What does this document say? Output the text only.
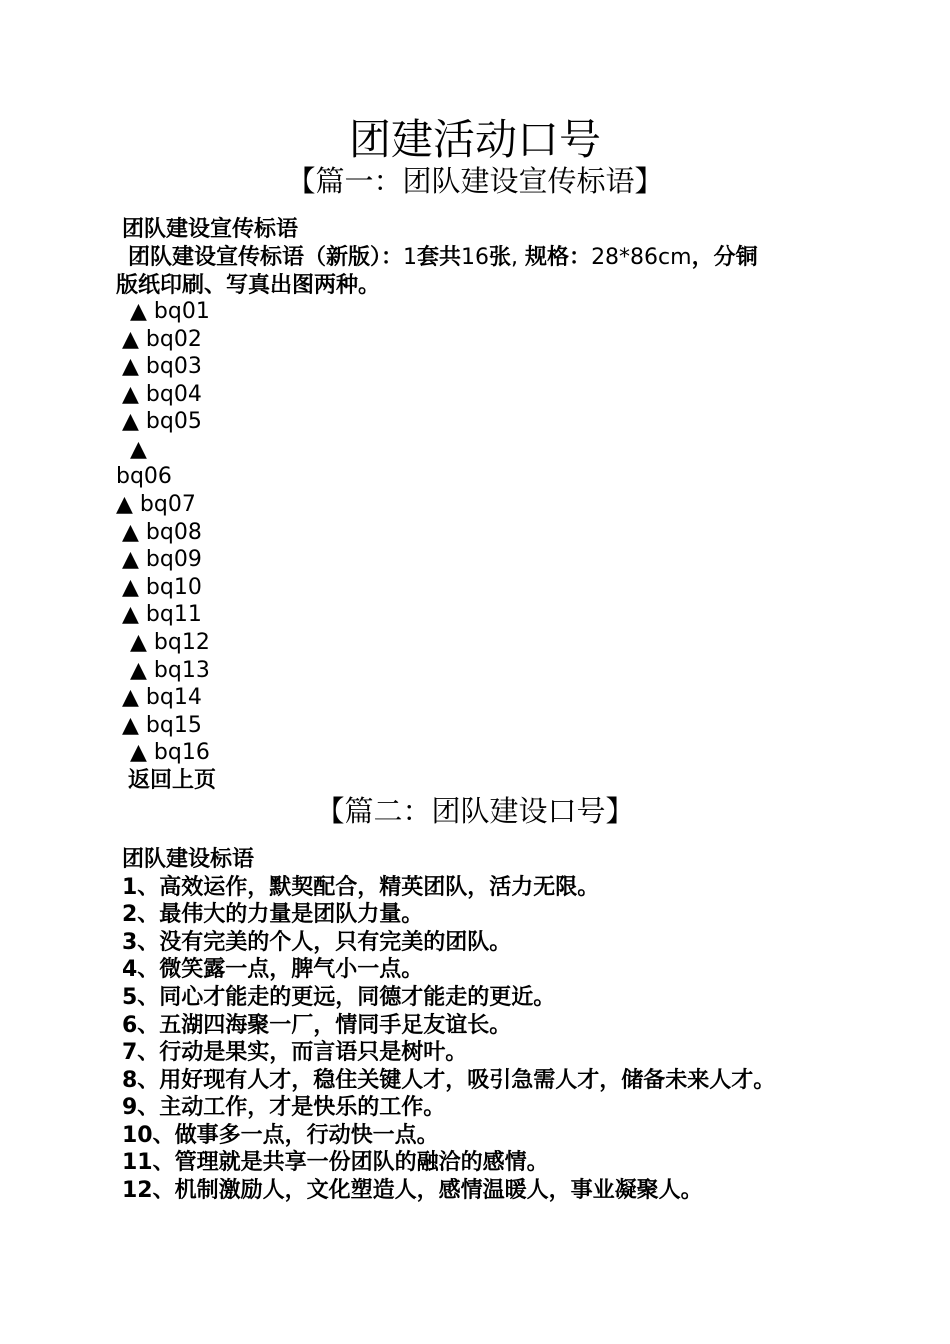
团建活动口号
【篇一：团队建设宣传标语】
团队建设宣传标语
团队建设宣传标语（新版）：1套共16张, 规格：28*86cm，分铜
版纸印刷、写真出图两种。
▲ bq01
▲ bq02
▲ bq03
▲ bq04
▲ bq05
▲
bq06
▲ bq07
▲ bq08
▲ bq09
▲ bq10
▲ bq11
▲ bq12
▲ bq13
▲ bq14
▲ bq15
▲ bq16
返回上页
【篇二：团队建设口号】
团队建设标语
1、高效运作，默契配合，精英团队，活力无限。
2、最伟大的力量是团队力量。
3、没有完美的个人，只有完美的团队。
4、微笑露一点，脾气小一点。
5、同心才能走的更远，同德才能走的更近。
6、五湖四海聚一厂，情同手足友谊长。
7、行动是果实，而言语只是树叶。
8、用好现有人才，稳住关键人才，吸引急需人才，储备未来人才。
9、主动工作，才是快乐的工作。
10、做事多一点，行动快一点。
11、管理就是共享一份团队的融洽的感情。
12、机制激励人，文化塑造人，感情温暖人，事业凝聚人。
